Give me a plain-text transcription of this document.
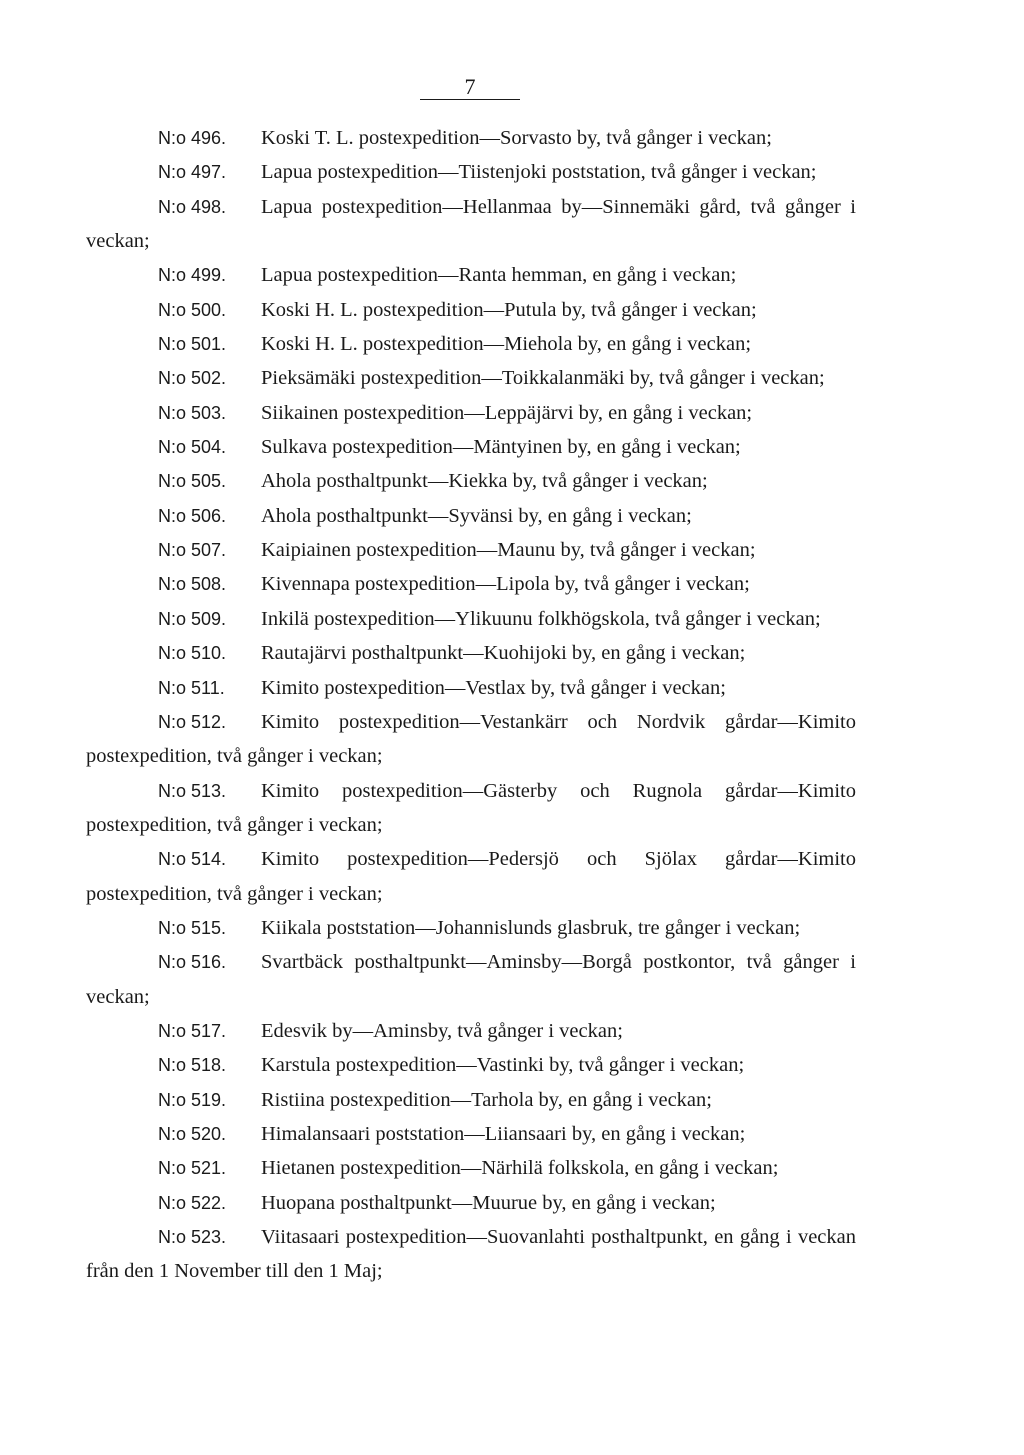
7

N:o 496. Koski T. L. postexpedition—Sorvasto by, två gånger i veckan;

N:o 497. Lapua postexpedition—Tiistenjoki poststation, två gånger i veckan;

N:o 498. Lapua postexpedition—Hellanmaa by—Sinnemäki gård, två gånger i veckan;

N:o 499. Lapua postexpedition—Ranta hemman, en gång i veckan;

N:o 500. Koski H. L. postexpedition—Putula by, två gånger i veckan;

N:o 501. Koski H. L. postexpedition—Mieholа by, en gång i veckan;

N:o 502. Pieksämäki postexpedition—Toikkalanmäki by, två gånger i veckan;

N:o 503. Siikainen postexpedition—Leppäjärvi by, en gång i veckan;

N:o 504. Sulkava postexpedition—Mäntyinen by, en gång i veckan;

N:o 505. Ahola posthaltpunkt—Kiekka by, två gånger i veckan;

N:o 506. Ahola posthaltpunkt—Syvänsi by, en gång i veckan;

N:o 507. Kaipiainen postexpedition—Maunu by, två gånger i veckan;

N:o 508. Kivennapa postexpedition—Lipola by, två gånger i veckan;

N:o 509. Inkilä postexpedition—Ylikuunu folkhögskola, två gånger i veckan;

N:o 510. Rautajärvi posthaltpunkt—Kuohijoki by, en gång i veckan;

N:o 511. Kimito postexpedition—Vestlax by, två gånger i veckan;

N:o 512. Kimito postexpedition—Vestankärr och Nordvik gårdar—Kimito postexpedition, två gånger i veckan;

N:o 513. Kimito postexpedition—Gästerby och Rugnola gårdar—Kimito postexpedition, två gånger i veckan;

N:o 514. Kimito postexpedition—Pedersjö och Sjölax gårdar—Kimito postexpedition, två gånger i veckan;

N:o 515. Kiikala poststation—Johannislunds glasbruk, tre gånger i veckan;

N:o 516. Svartbäck posthaltpunkt—Aminsby—Borgå postkontor, två gånger i veckan;

N:o 517. Edesvik by—Aminsby, två gånger i veckan;

N:o 518. Karstula postexpedition—Vastinki by, två gånger i veckan;

N:o 519. Ristiina postexpedition—Tarhola by, en gång i veckan;

N:o 520. Himalansaari poststation—Liiansaari by, en gång i veckan;

N:o 521. Hietanen postexpedition—Närhilä folkskola, en gång i veckan;

N:o 522. Huopana posthaltpunkt—Muurue by, en gång i veckan;

N:o 523. Viitasaari postexpedition—Suovanlahti posthaltpunkt, en gång i veckan från den 1 November till den 1 Maj;
